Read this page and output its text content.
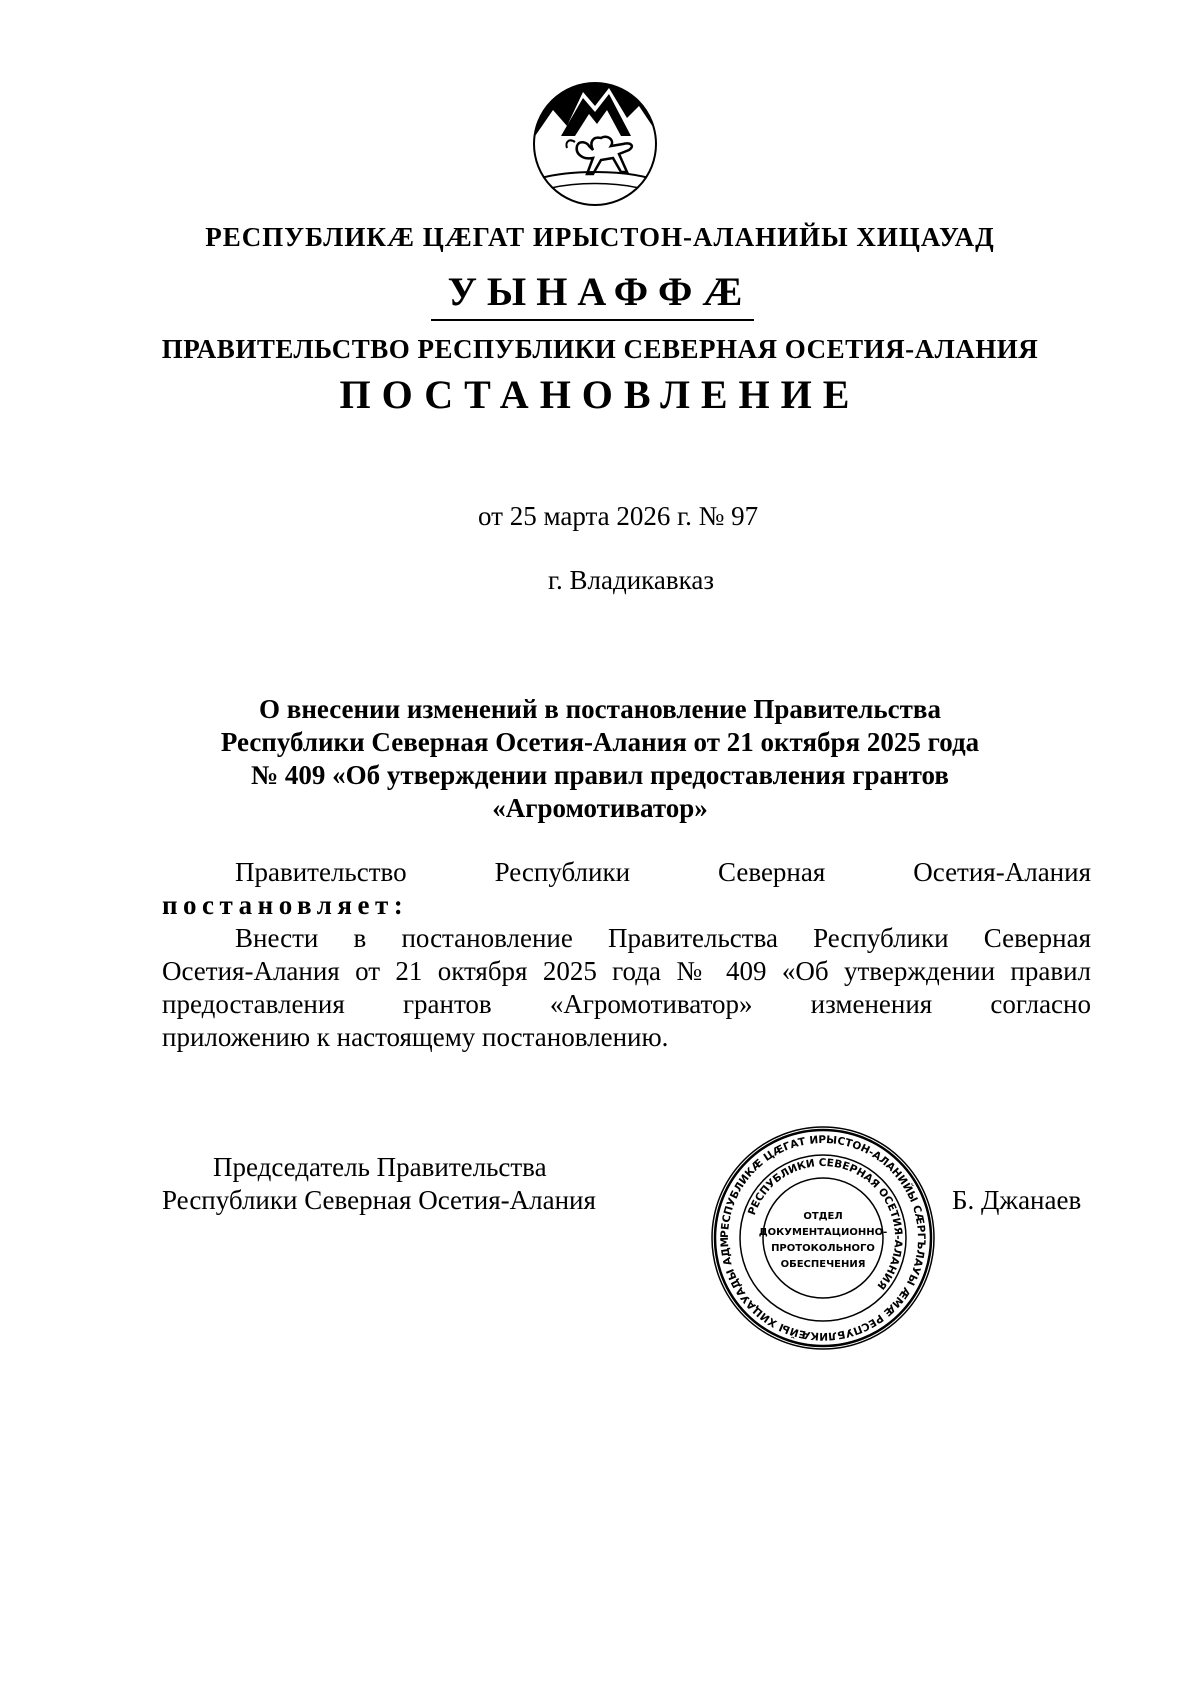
РЕСПУБЛИКӔ ЦӔГАТ ИРЫСТОН-АЛАНИЙЫ ХИЦАУАД
УЫНАФФӔ
ПРАВИТЕЛЬСТВО РЕСПУБЛИКИ СЕВЕРНАЯ ОСЕТИЯ-АЛАНИЯ
ПОСТАНОВЛЕНИЕ
от 25 марта 2026 г. № 97
г. Владикавказ
О внесении изменений в постановление Правительства
Республики Северная Осетия-Алания от 21 октября 2025 года
№ 409 «Об утверждении правил предоставления грантов
«Агромотиватор»
Правительство Республики Северная Осетия-Алания
постановляет:
Внести в постановление Правительства Республики Северная
Осетия-Алания от 21 октября 2025 года № 409 «Об утверждении правил
предоставления грантов «Агромотиватор» изменения согласно
приложению к настоящему постановлению.
Председатель Правительства
Республики Северная Осетия-Алания	Б. Джанаев
РЕСПУБЛИКӔ ЦӔГАТ ИРЫСТОН-АЛАНИЙЫ СӔРГЪЛАУЫ ӔМӔ РЕСПУБЛИКӔЙЫ ХИЦАУАДЫ АДМ
РЕСПУБЛИКИ СЕВЕРНАЯ ОСЕТИЯ-АЛАНИЯ
ОТДЕЛ
ДОКУМЕНТАЦИОННО-
ПРОТОКОЛЬНОГО
ОБЕСПЕЧЕНИЯ
